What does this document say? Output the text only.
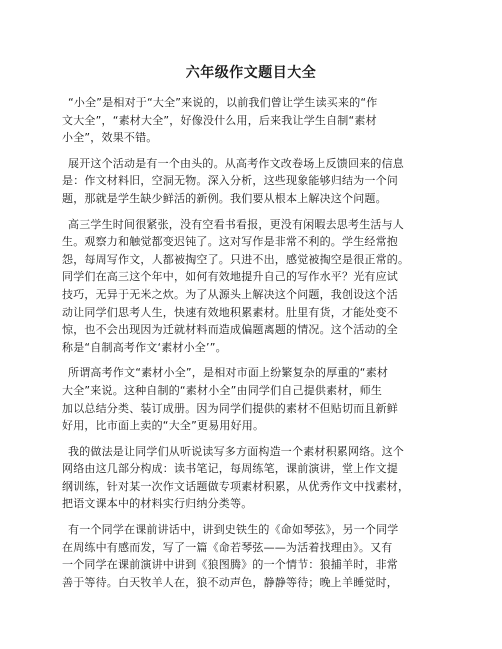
六年级作文题目大全
“小全”是相对于“大全”来说的，以前我们曾让学生读买来的“作
文大全”，“素材大全”，好像没什么用，后来我让学生自制“素材
小全”，效果不错。
展开这个活动是有一个由头的。从高考作文改卷场上反馈回来的信息
是：作文材料旧，空洞无物。深入分析，这些现象能够归结为一个问
题，那就是学生缺少鲜活的新例。我们要从根本上解决这个问题。
高三学生时间很紧张，没有空看书看报，更没有闲暇去思考生活与人
生。观察力和触觉都变迟钝了。这对写作是非常不利的。学生经常抱
怨，每周写作文，人都被掏空了。只进不出，感觉被掏空是很正常的。
同学们在高三这个年中，如何有效地提升自己的写作水平？光有应试
技巧，无异于无米之炊。为了从源头上解决这个问题，我创设这个活
动让同学们思考人生，快速有效地积累素材。肚里有货，才能处变不
惊，也不会出现因为迁就材料而造成偏题离题的情况。这个活动的全
称是“自制高考作文‘素材小全’”。
所谓高考作文“素材小全”，是相对市面上纷繁复杂的厚重的“素材
大全”来说。这种自制的“素材小全”由同学们自己提供素材，师生
加以总结分类、装订成册。因为同学们提供的素材不但贴切而且新鲜
好用，比市面上卖的“大全”更易用好用。
我的做法是让同学们从听说读写多方面构造一个素材积累网络。这个
网络由这几部分构成：读书笔记，每周练笔，课前演讲，堂上作文提
纲训练，针对某一次作文话题做专项素材积累，从优秀作文中找素材，
把语文课本中的材料实行归纳分类等。
有一个同学在课前讲话中，讲到史铁生的《命如琴弦》，另一个同学
在周练中有感而发，写了一篇《命若琴弦——为活着找理由》。又有
一个同学在课前演讲中讲到《狼图腾》的一个情节：狼捕羊时，非常
善于等待。白天牧羊人在，狼不动声色，静静等待；晚上羊睡觉时，
